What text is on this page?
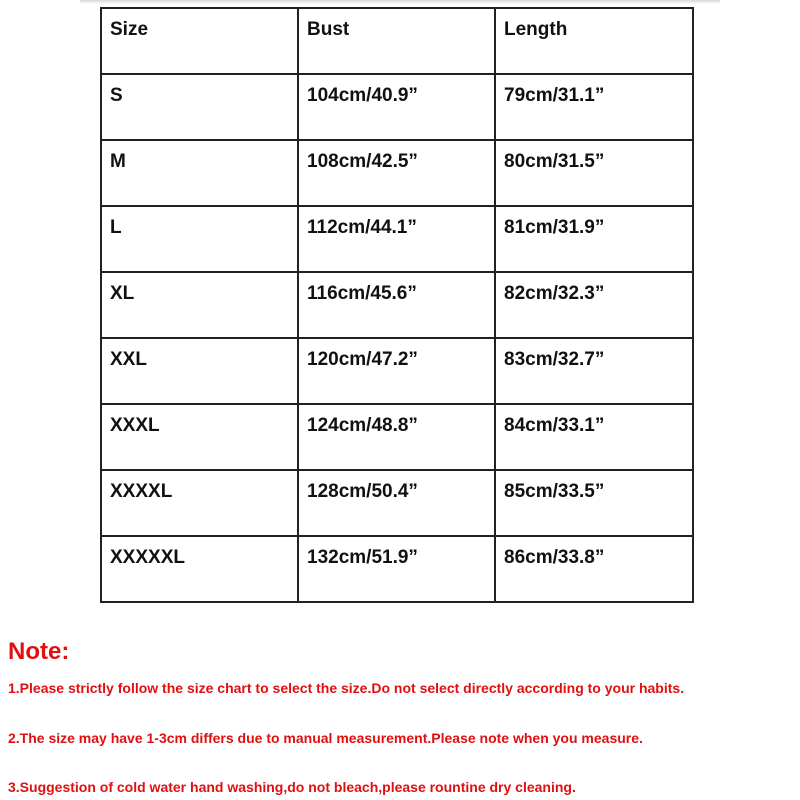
Size	Bust	Length

S	104cm/40.9”	79cm/31.1”

M	108cm/42.5”	80cm/31.5”

L	112cm/44.1”	81cm/31.9”

XL	116cm/45.6”	82cm/32.3”

XXL	120cm/47.2”	83cm/32.7”

XXXL	124cm/48.8”	84cm/33.1”

XXXXL	128cm/50.4”	85cm/33.5”

XXXXXL	132cm/51.9”	86cm/33.8”

Note:

1.Please strictly follow the size chart to select the size.Do not select directly according to your habits.

2.The size may have 1-3cm differs due to manual measurement.Please note when you measure.

3.Suggestion of cold water hand washing,do not bleach,please rountine dry cleaning.
